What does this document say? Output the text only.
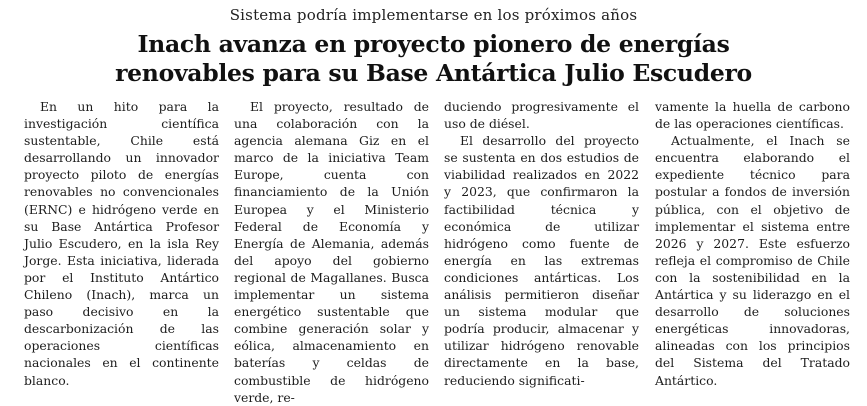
Sistema podría implementarse en los próximos años
Inach avanza en proyecto pionero de energías
renovables para su Base Antártica Julio Escudero

En un hito para la investigación científica sustentable, Chile está desarrollando un innovador proyecto piloto de energías renovables no convencionales (ERNC) e hidrógeno verde en su Base Antártica Profesor Julio Escudero, en la isla Rey Jorge. Esta iniciativa, liderada por el Instituto Antártico Chileno (Inach), marca un paso decisivo en la descarbonización de las operaciones científicas nacionales en el continente blanco.

El proyecto, resultado de una colaboración con la agencia alemana Giz en el marco de la iniciativa Team Europe, cuenta con financiamiento de la Unión Europea y el Ministerio Federal de Economía y Energía de Alemania, además del apoyo del gobierno regional de Magallanes. Busca implementar un sistema energético sustentable que combine generación solar y eólica, almacenamiento en baterías y celdas de combustible de hidrógeno verde, re-

duciendo progresivamente el uso de diésel.

El desarrollo del proyecto se sustenta en dos estudios de viabilidad realizados en 2022 y 2023, que confirmaron la factibilidad técnica y económica de utilizar hidrógeno como fuente de energía en las extremas condiciones antárticas. Los análisis permitieron diseñar un sistema modular que podría producir, almacenar y utilizar hidrógeno renovable directamente en la base, reduciendo significati-

vamente la huella de carbono de las operaciones científicas.

Actualmente, el Inach se encuentra elaborando el expediente técnico para postular a fondos de inversión pública, con el objetivo de implementar el sistema entre 2026 y 2027. Este esfuerzo refleja el compromiso de Chile con la sostenibilidad en la Antártica y su liderazgo en el desarrollo de soluciones energéticas innovadoras, alineadas con los principios del Sistema del Tratado Antártico.
